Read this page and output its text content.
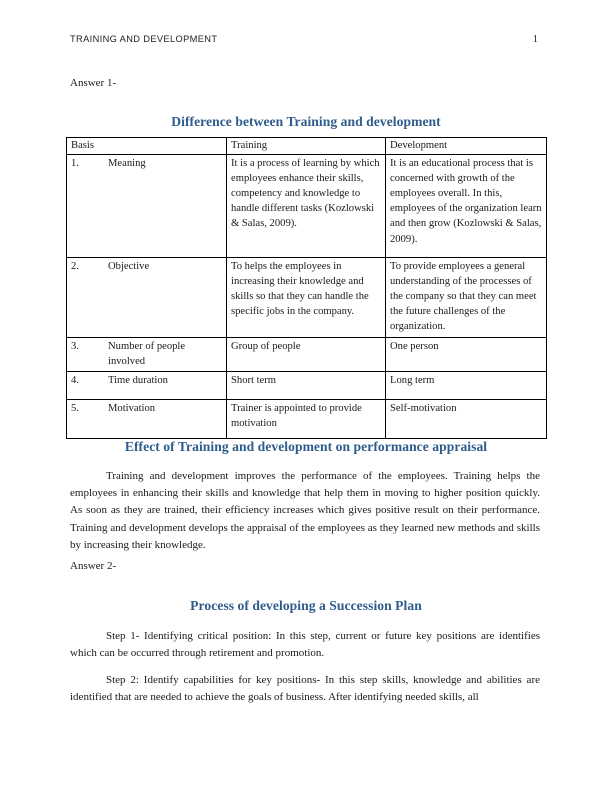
TRAINING AND DEVELOPMENT	1
Answer 1-
Difference between Training and development
Basis	Training	Development
1. Meaning	It is a process of learning by which employees enhance their skills, competency and knowledge to handle different tasks (Kozlowski & Salas, 2009).	It is an educational process that is concerned with growth of the employees overall. In this, employees of the organization learn and then grow (Kozlowski & Salas, 2009).
2. Objective	To helps the employees in increasing their knowledge and skills so that they can handle the specific jobs in the company.	To provide employees a general understanding of the processes of the company so that they can meet the future challenges of the organization.
3. Number of people involved	Group of people	One person
4. Time duration	Short term	Long term
5. Motivation	Trainer is appointed to provide motivation	Self-motivation
Effect of Training and development on performance appraisal
Training and development improves the performance of the employees. Training helps the employees in enhancing their skills and knowledge that help them in moving to higher position quickly. As soon as they are trained, their efficiency increases which gives positive result on their performance. Training and development develops the appraisal of the employees as they learned new methods and skills by increasing their knowledge.
Answer 2-
Process of developing a Succession Plan
Step 1- Identifying critical position: In this step, current or future key positions are identifies which can be occurred through retirement and promotion.
Step 2: Identify capabilities for key positions- In this step skills, knowledge and abilities are identified that are needed to achieve the goals of business. After identifying needed skills, all
